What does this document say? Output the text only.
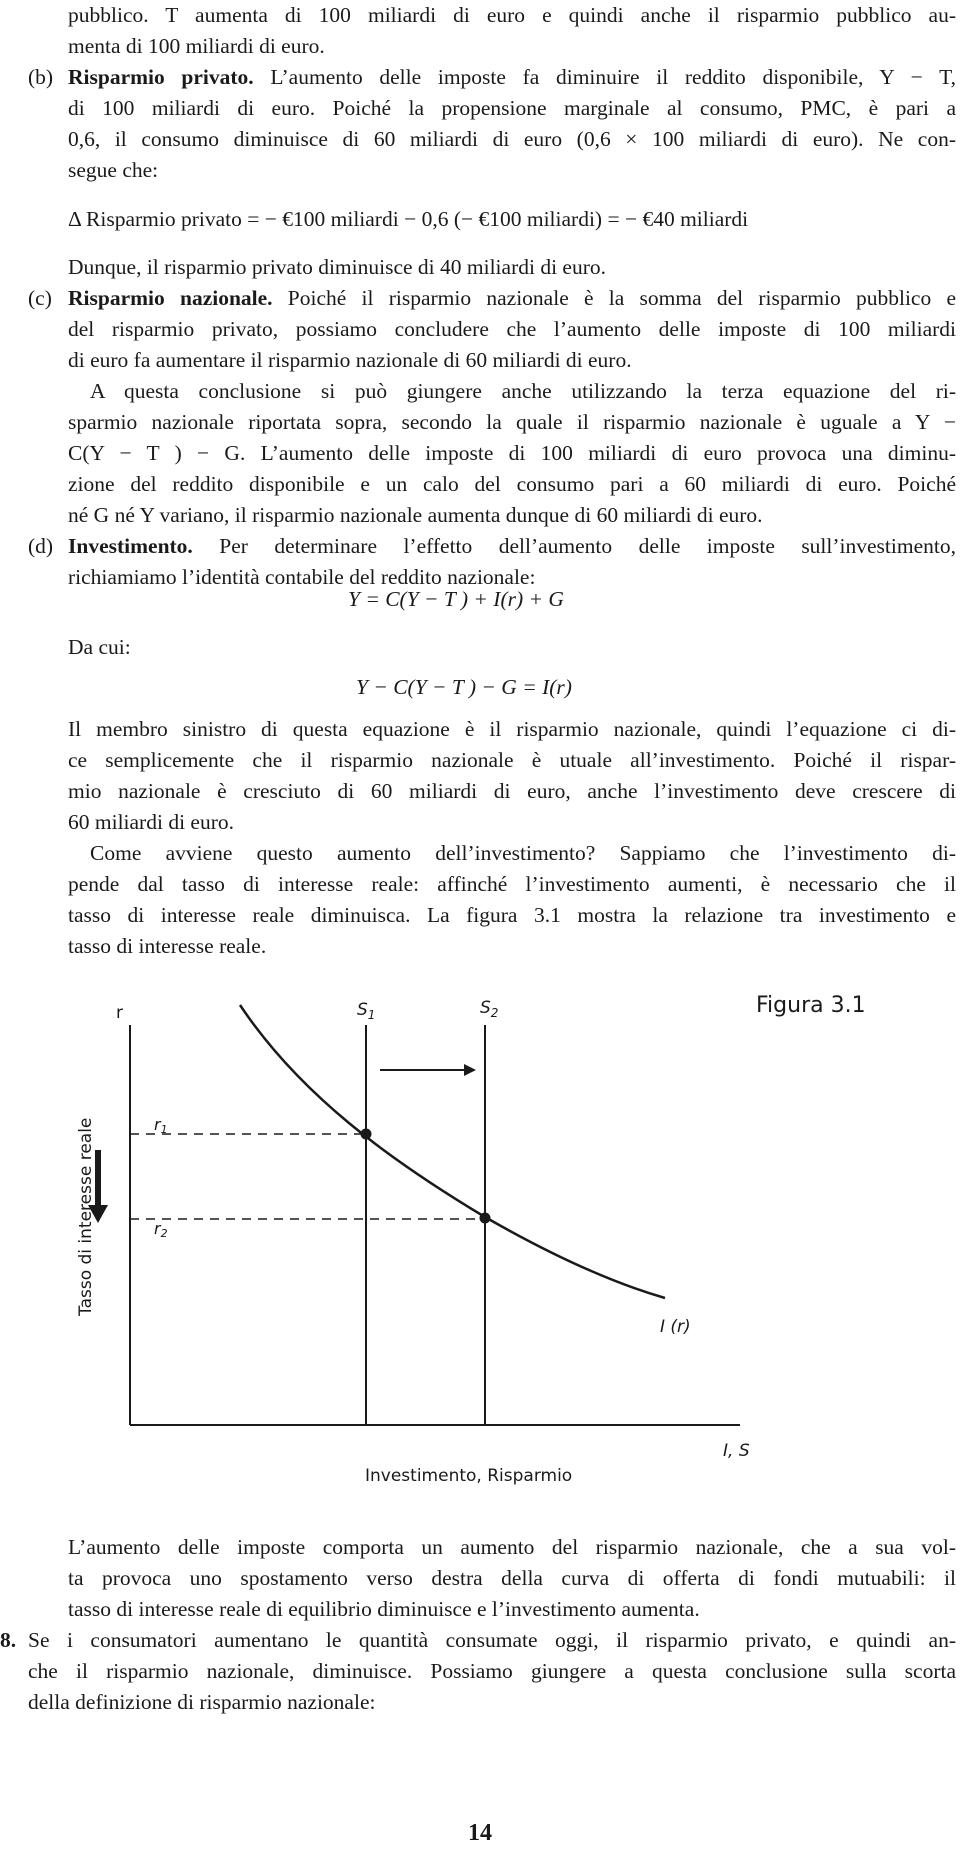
pubblico. T aumenta di 100 miliardi di euro e quindi anche il risparmio pubblico au-
menta di 100 miliardi di euro.
(b) Risparmio privato. L’aumento delle imposte fa diminuire il reddito disponibile, Y − T,
di 100 miliardi di euro. Poiché la propensione marginale al consumo, PMC, è pari a
0,6, il consumo diminuisce di 60 miliardi di euro (0,6 × 100 miliardi di euro). Ne con-
segue che:
Δ Risparmio privato = − €100 miliardi − 0,6 (− €100 miliardi) = − €40 miliardi
Dunque, il risparmio privato diminuisce di 40 miliardi di euro.
(c) Risparmio nazionale. Poiché il risparmio nazionale è la somma del risparmio pubblico e
del risparmio privato, possiamo concludere che l’aumento delle imposte di 100 miliardi
di euro fa aumentare il risparmio nazionale di 60 miliardi di euro.
A questa conclusione si può giungere anche utilizzando la terza equazione del ri-
sparmio nazionale riportata sopra, secondo la quale il risparmio nazionale è uguale a Y −
C(Y − T ) − G. L’aumento delle imposte di 100 miliardi di euro provoca una diminu-
zione del reddito disponibile e un calo del consumo pari a 60 miliardi di euro. Poiché
né G né Y variano, il risparmio nazionale aumenta dunque di 60 miliardi di euro.
(d) Investimento. Per determinare l’effetto dell’aumento delle imposte sull’investimento,
richiamiamo l’identità contabile del reddito nazionale:
Y = C(Y − T ) + I(r) + G
Da cui:
Y − C(Y − T ) − G = I(r)
Il membro sinistro di questa equazione è il risparmio nazionale, quindi l’equazione ci di-
ce semplicemente che il risparmio nazionale è utuale all’investimento. Poiché il rispar-
mio nazionale è cresciuto di 60 miliardi di euro, anche l’investimento deve crescere di
60 miliardi di euro.
Come avviene questo aumento dell’investimento? Sappiamo che l’investimento di-
pende dal tasso di interesse reale: affinché l’investimento aumenti, è necessario che il
tasso di interesse reale diminuisca. La figura 3.1 mostra la relazione tra investimento e
tasso di interesse reale.
Figura 3.1
r
Tasso di interesse reale
Investimento, Risparmio
I, S
$S_1$	$S_2$
r1
r2
I (r)
L’aumento delle imposte comporta un aumento del risparmio nazionale, che a sua vol-
ta provoca uno spostamento verso destra della curva di offerta di fondi mutuabili: il
tasso di interesse reale di equilibrio diminuisce e l’investimento aumenta.
8. Se i consumatori aumentano le quantità consumate oggi, il risparmio privato, e quindi an-
che il risparmio nazionale, diminuisce. Possiamo giungere a questa conclusione sulla scorta
della definizione di risparmio nazionale:
14
